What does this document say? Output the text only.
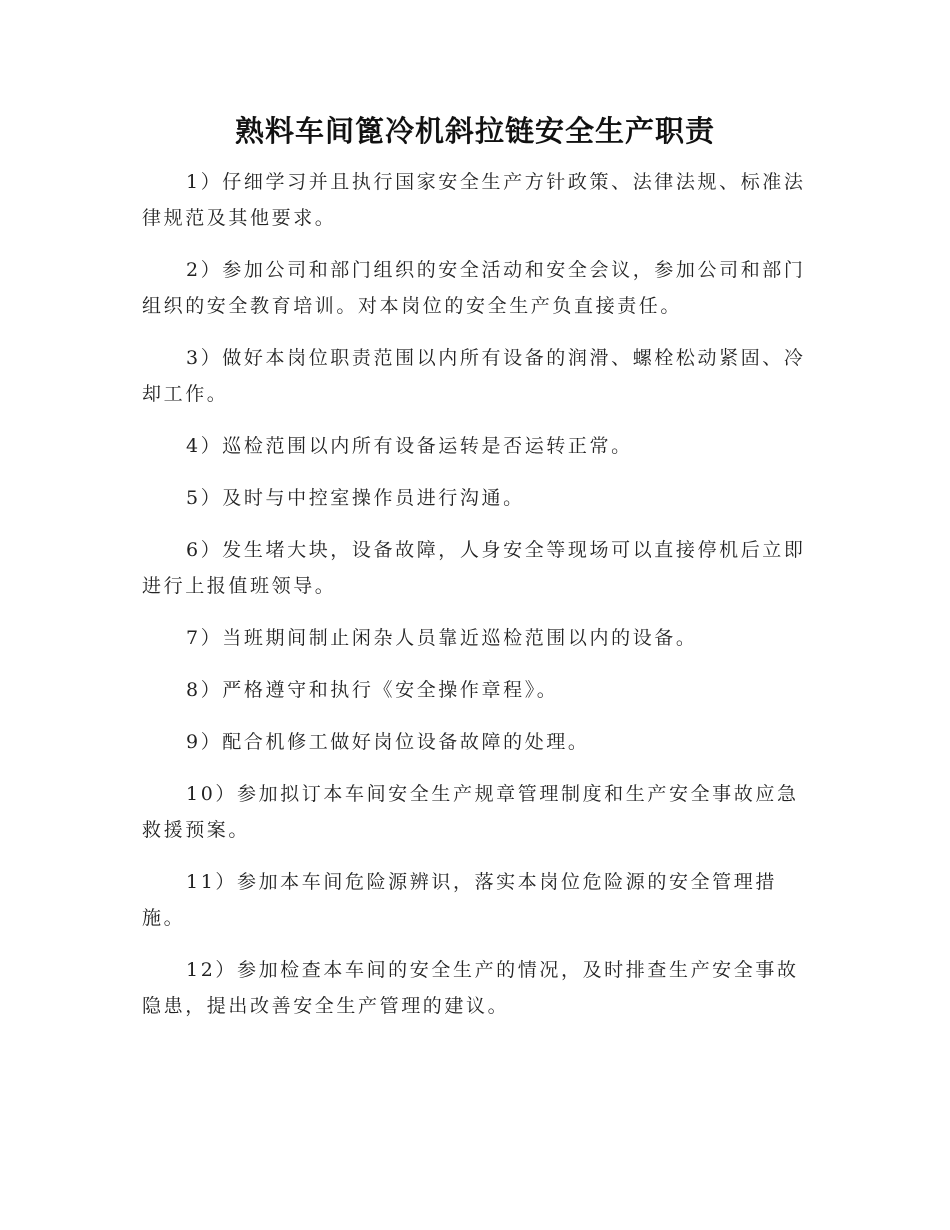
熟料车间篦冷机斜拉链安全生产职责

1）仔细学习并且执行国家安全生产方针政策、法律法规、标准法律规范及其他要求。

2）参加公司和部门组织的安全活动和安全会议，参加公司和部门组织的安全教育培训。对本岗位的安全生产负直接责任。

3）做好本岗位职责范围以内所有设备的润滑、螺栓松动紧固、冷却工作。

4）巡检范围以内所有设备运转是否运转正常。

5）及时与中控室操作员进行沟通。

6）发生堵大块，设备故障，人身安全等现场可以直接停机后立即进行上报值班领导。

7）当班期间制止闲杂人员靠近巡检范围以内的设备。

8）严格遵守和执行《安全操作章程》。

9）配合机修工做好岗位设备故障的处理。

10）参加拟订本车间安全生产规章管理制度和生产安全事故应急救援预案。

11）参加本车间危险源辨识，落实本岗位危险源的安全管理措施。

12）参加检查本车间的安全生产的情况，及时排查生产安全事故隐患，提出改善安全生产管理的建议。
